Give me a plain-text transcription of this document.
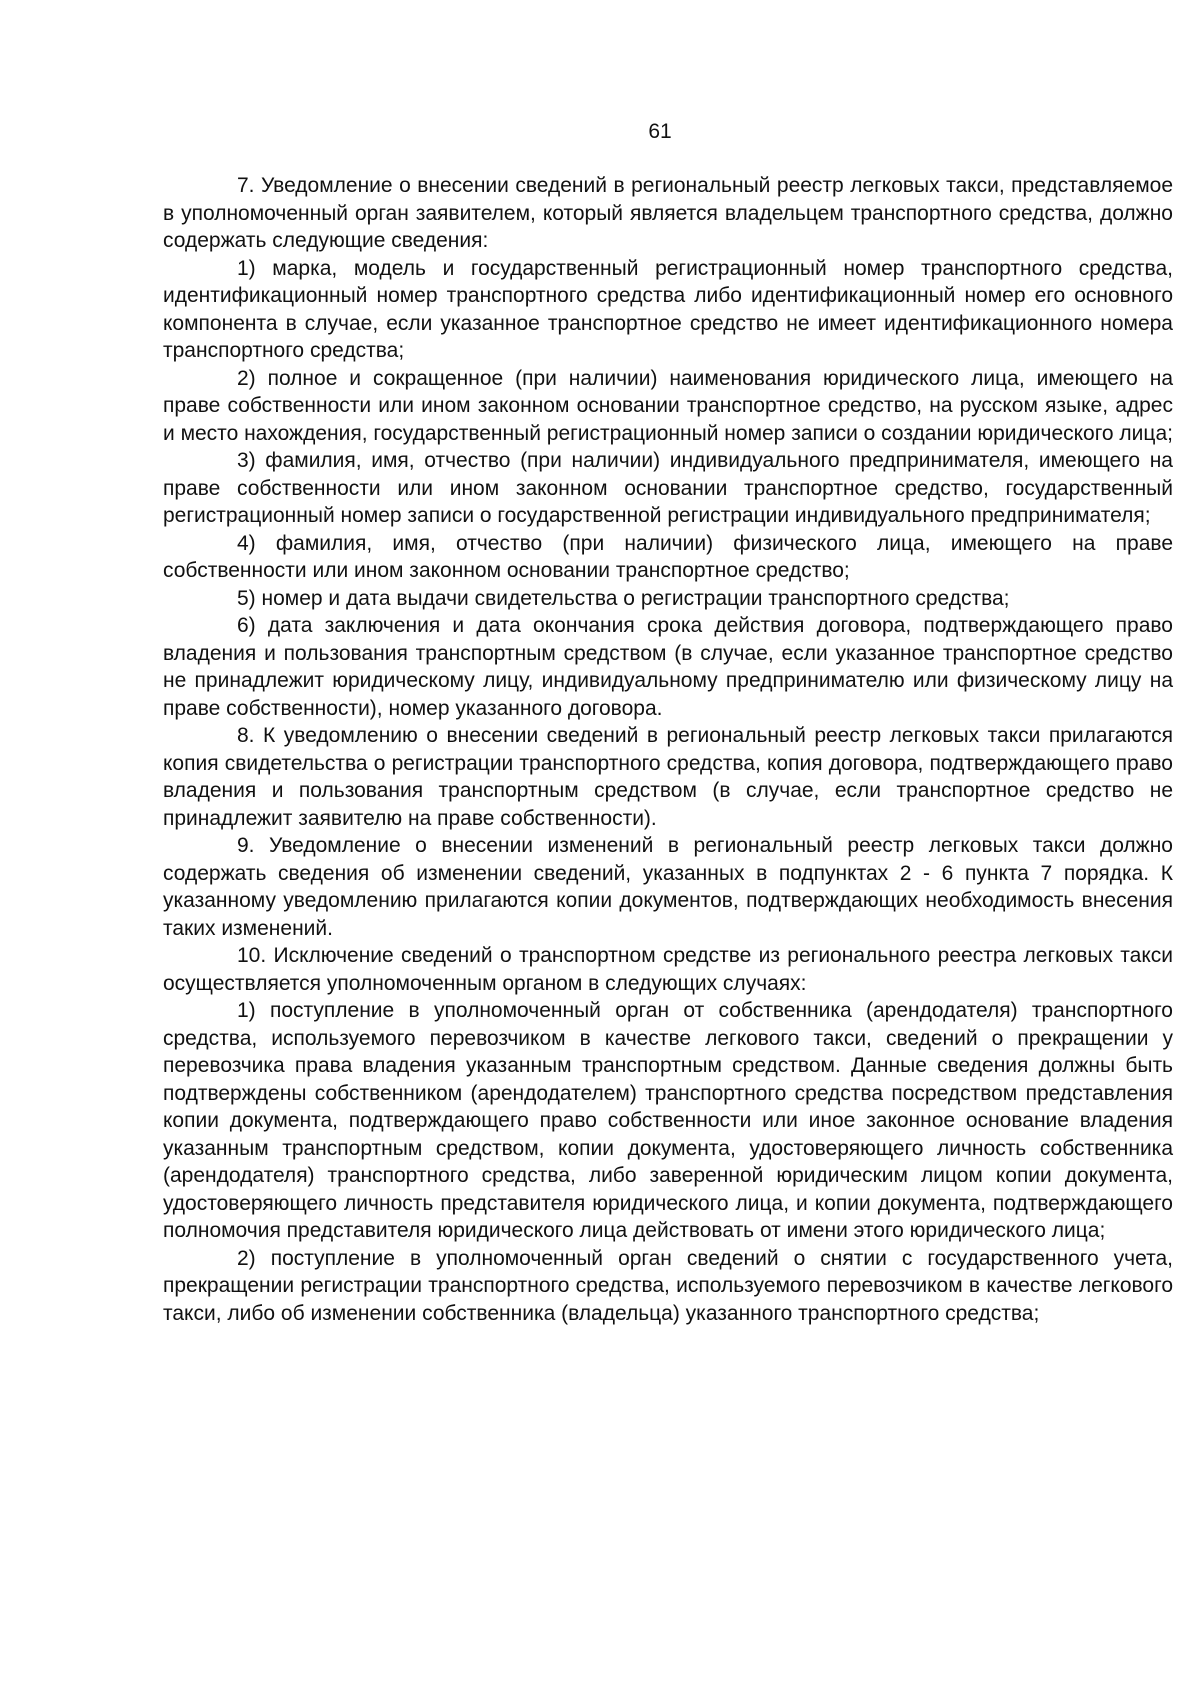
61

7. Уведомление о внесении сведений в региональный реестр легковых такси, представляемое в уполномоченный орган заявителем, который является владельцем транспортного средства, должно содержать следующие сведения:

1) марка, модель и государственный регистрационный номер транспортного средства, идентификационный номер транспортного средства либо идентификационный номер его основного компонента в случае, если указанное транспортное средство не имеет идентификационного номера транспортного средства;

2) полное и сокращенное (при наличии) наименования юридического лица, имеющего на праве собственности или ином законном основании транспортное средство, на русском языке, адрес и место нахождения, государственный регистрационный номер записи о создании юридического лица;

3) фамилия, имя, отчество (при наличии) индивидуального предпринимателя, имеющего на праве собственности или ином законном основании транспортное средство, государственный регистрационный номер записи о государственной регистрации индивидуального предпринимателя;

4) фамилия, имя, отчество (при наличии) физического лица, имеющего на праве собственности или ином законном основании транспортное средство;

5) номер и дата выдачи свидетельства о регистрации транспортного средства;

6) дата заключения и дата окончания срока действия договора, подтверждающего право владения и пользования транспортным средством (в случае, если указанное транспортное средство не принадлежит юридическому лицу, индивидуальному предпринимателю или физическому лицу на праве собственности), номер указанного договора.

8. К уведомлению о внесении сведений в региональный реестр легковых такси прилагаются копия свидетельства о регистрации транспортного средства, копия договора, подтверждающего право владения и пользования транспортным средством (в случае, если транспортное средство не принадлежит заявителю на праве собственности).

9. Уведомление о внесении изменений в региональный реестр легковых такси должно содержать сведения об изменении сведений, указанных в подпунктах 2 - 6 пункта 7 порядка. К указанному уведомлению прилагаются копии документов, подтверждающих необходимость внесения таких изменений.

10. Исключение сведений о транспортном средстве из регионального реестра легковых такси осуществляется уполномоченным органом в следующих случаях:

1) поступление в уполномоченный орган от собственника (арендодателя) транспортного средства, используемого перевозчиком в качестве легкового такси, сведений о прекращении у перевозчика права владения указанным транспортным средством. Данные сведения должны быть подтверждены собственником (арендодателем) транспортного средства посредством представления копии документа, подтверждающего право собственности или иное законное основание владения указанным транспортным средством, копии документа, удостоверяющего личность собственника (арендодателя) транспортного средства, либо заверенной юридическим лицом копии документа, удостоверяющего личность представителя юридического лица, и копии документа, подтверждающего полномочия представителя юридического лица действовать от имени этого юридического лица;

2) поступление в уполномоченный орган сведений о снятии с государственного учета, прекращении регистрации транспортного средства, используемого перевозчиком в качестве легкового такси, либо об изменении собственника (владельца) указанного транспортного средства;
